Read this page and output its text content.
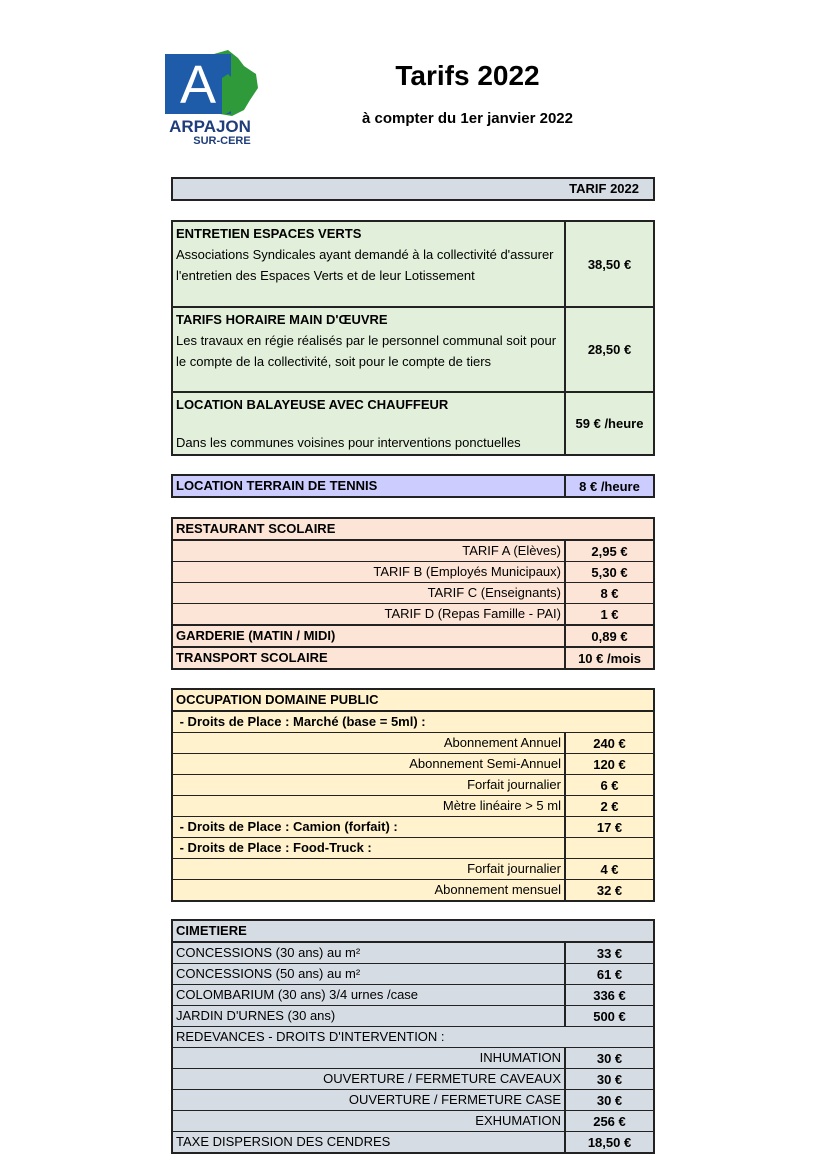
A
ARPAJON
SUR-CERE
Tarifs 2022
à compter du 1er janvier 2022
TARIF 2022
ENTRETIEN ESPACES VERTS
Associations Syndicales ayant demandé à la collectivité d'assurer l'entretien des Espaces Verts et de leur Lotissement
38,50 €
TARIFS HORAIRE MAIN D'ŒUVRE
Les travaux en régie réalisés par le personnel communal soit pour le compte de la collectivité, soit pour le compte de tiers
28,50 €
LOCATION BALAYEUSE AVEC CHAUFFEUR
Dans les communes voisines pour interventions ponctuelles
59 € /heure
LOCATION TERRAIN DE TENNIS	8 € /heure
RESTAURANT SCOLAIRE
TARIF A (Elèves)	2,95 €
TARIF B (Employés Municipaux)	5,30 €
TARIF C (Enseignants)	8 €
TARIF D (Repas Famille - PAI)	1 €
GARDERIE (MATIN / MIDI)	0,89 €
TRANSPORT SCOLAIRE	10 € /mois
OCCUPATION DOMAINE PUBLIC
- Droits de Place : Marché (base = 5ml) :
Abonnement Annuel	240 €
Abonnement Semi-Annuel	120 €
Forfait journalier	6 €
Mètre linéaire > 5 ml	2 €
- Droits de Place : Camion (forfait) :	17 €
- Droits de Place : Food-Truck :
Forfait journalier	4 €
Abonnement mensuel	32 €
CIMETIERE
CONCESSIONS (30 ans) au m²	33 €
CONCESSIONS (50 ans) au m²	61 €
COLOMBARIUM (30 ans) 3/4 urnes /case	336 €
JARDIN D'URNES (30 ans)	500 €
REDEVANCES - DROITS D'INTERVENTION :
INHUMATION	30 €
OUVERTURE / FERMETURE CAVEAUX	30 €
OUVERTURE / FERMETURE CASE	30 €
EXHUMATION	256 €
TAXE DISPERSION DES CENDRES	18,50 €
